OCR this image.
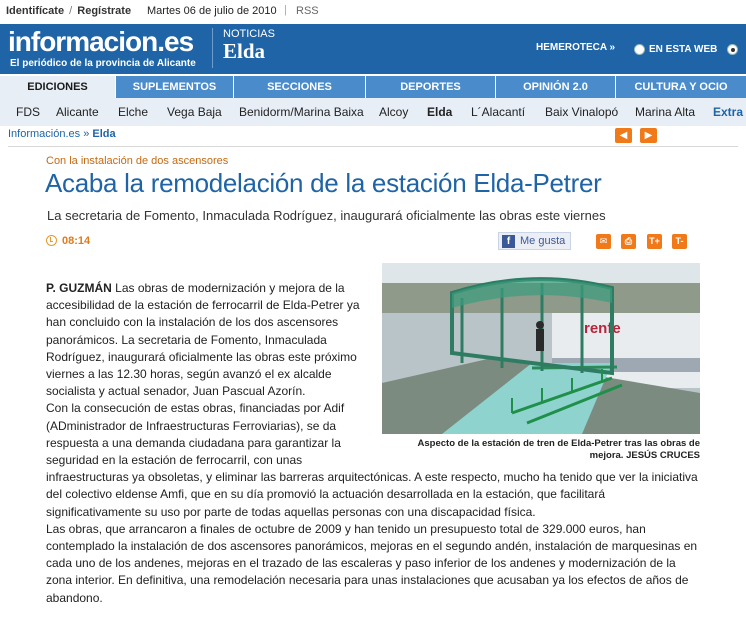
Identifícate / Regístrate Martes 06 de julio de 2010 | RSS
informacion.es
El periódico de la provincia de Alicante
NOTICIAS
Elda	HEMEROTECA »	EN ESTA WEB
EDICIONES	SUPLEMENTOS	SECCIONES	DEPORTES	OPINIÓN 2.0	CULTURA Y OCIO
FDS Alicante Elche Vega Baja Benidorm/Marina Baixa Alcoy Elda L´Alacantí Baix Vinalopó Marina Alta Extra
Información.es » Elda	◀	▶
Con la instalación de dos ascensores
Acaba la remodelación de la estación Elda-Petrer
La secretaria de Fomento, Inmaculada Rodríguez, inaugurará oficialmente las obras este viernes
08:14	f Me gusta	✉	⎙	T+	T-
renfe
Aspecto de la estación de tren de Elda-Petrer tras las obras de mejora. JESÚS CRUCES

P. GUZMÁN Las obras de modernización y mejora de la accesibilidad de la estación de ferrocarril de Elda-Petrer ya han concluido con la instalación de los dos ascensores panorámicos. La secretaria de Fomento, Inmaculada Rodríguez, inaugurará oficialmente las obras este próximo viernes a las 12.30 horas, según avanzó el ex alcalde socialista y actual senador, Juan Pascual Azorín.

Con la consecución de estas obras, financiadas por Adif (ADministrador de Infraestructuras Ferroviarias), se da respuesta a una demanda ciudadana para garantizar la seguridad en la estación de ferrocarril, con unas infraestructuras ya obsoletas, y eliminar las barreras arquitectónicas. A este respecto, mucho ha tenido que ver la iniciativa del colectivo eldense Amfi, que en su día promovió la actuación desarrollada en la estación, que facilitará significativamente su uso por parte de todas aquellas personas con una discapacidad física.

Las obras, que arrancaron a finales de octubre de 2009 y han tenido un presupuesto total de 329.000 euros, han contemplado la instalación de dos ascensores panorámicos, mejoras en el segundo andén, instalación de marquesinas en cada uno de los andenes, mejoras en el trazado de las escaleras y paso inferior de los andenes y modernización de la zona interior. En definitiva, una remodelación necesaria para unas instalaciones que acusaban ya los efectos de años de abandono.
